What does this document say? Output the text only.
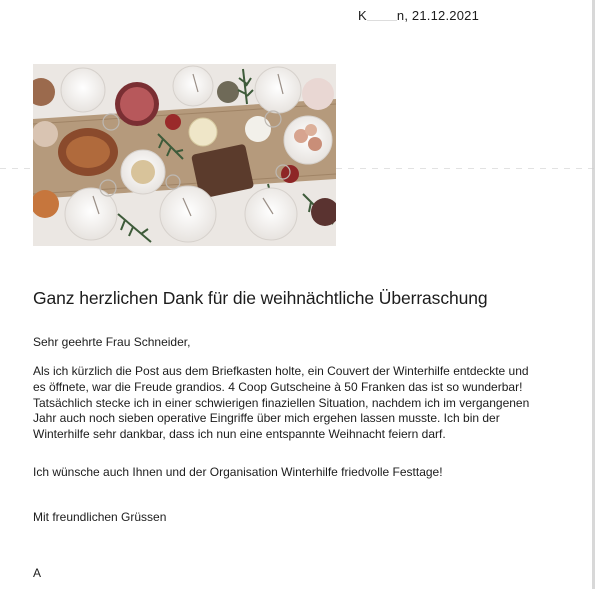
K n, 21.12.2021
Ganz herzlichen Dank für die weihnächtliche Überraschung

Sehr geehrte Frau Schneider,

Als ich kürzlich die Post aus dem Briefkasten holte, ein Couvert der Winterhilfe entdeckte und
es öffnete, war die Freude grandios. 4 Coop Gutscheine à 50 Franken das ist so wunderbar!
Tatsächlich stecke ich in einer schwierigen finazielle​n Situation, nachdem ich im vergangenen
Jahr auch noch sieben operative Eingriffe über mich ergehen lassen musste. Ich bin der
Winterhilfe sehr dankbar, dass ich nun eine entspannte Weihnacht feiern darf.

Ich wünsche auch Ihnen und der Organisation Winterhilfe friedvolle Festtage!

Mit freundlichen Grüssen

A
